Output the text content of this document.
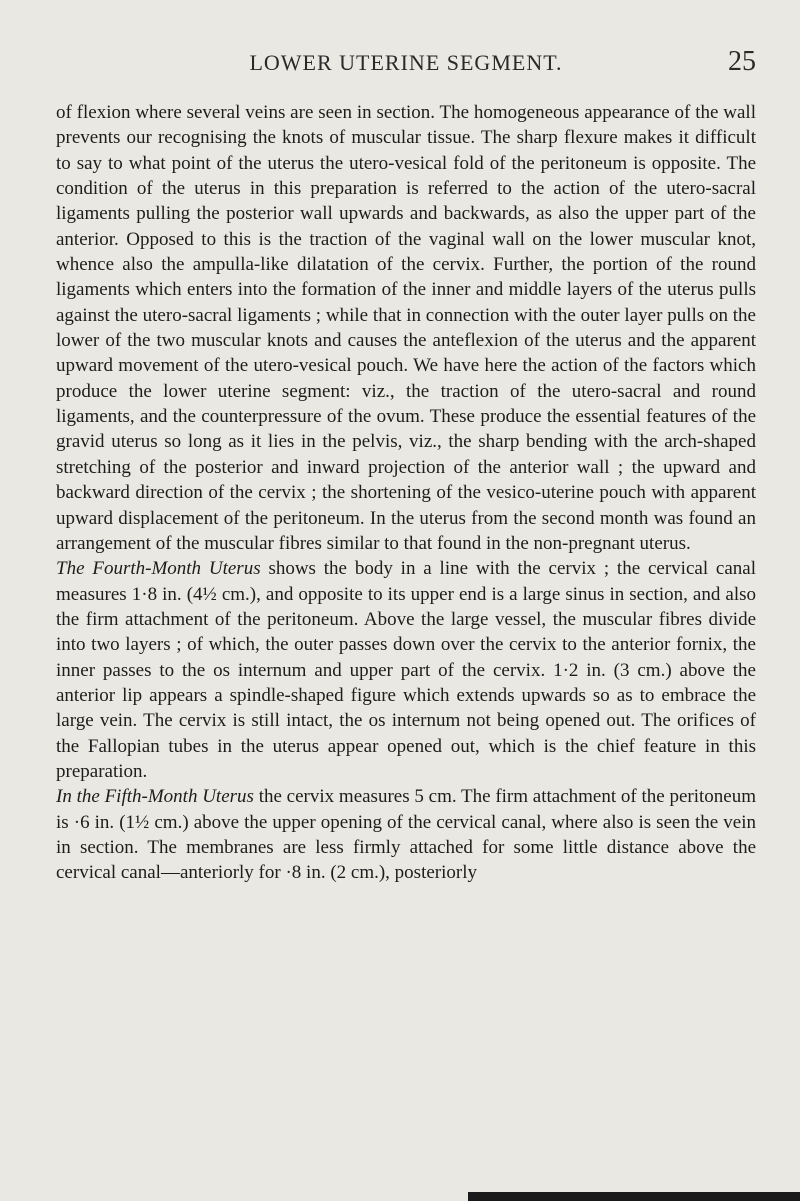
LOWER UTERINE SEGMENT.	25

of flexion where several veins are seen in section. The homogeneous appearance of the wall prevents our recognising the knots of muscular tissue. The sharp flexure makes it difficult to say to what point of the uterus the utero-vesical fold of the peritoneum is opposite. The condition of the uterus in this preparation is referred to the action of the utero-sacral ligaments pulling the posterior wall upwards and backwards, as also the upper part of the anterior. Opposed to this is the traction of the vaginal wall on the lower muscular knot, whence also the ampulla-like dilatation of the cervix. Further, the portion of the round ligaments which enters into the formation of the inner and middle layers of the uterus pulls against the utero-sacral ligaments ; while that in connection with the outer layer pulls on the lower of the two muscular knots and causes the anteflexion of the uterus and the apparent upward movement of the utero-vesical pouch. We have here the action of the factors which produce the lower uterine segment: viz., the traction of the utero-sacral and round ligaments, and the counterpressure of the ovum. These produce the essential features of the gravid uterus so long as it lies in the pelvis, viz., the sharp bending with the arch-shaped stretching of the posterior and inward projection of the anterior wall ; the upward and backward direction of the cervix ; the shortening of the vesico-uterine pouch with apparent upward displacement of the peritoneum. In the uterus from the second month was found an arrangement of the muscular fibres similar to that found in the non-pregnant uterus.

The Fourth-Month Uterus shows the body in a line with the cervix ; the cervical canal measures 1·8 in. (4½ cm.), and opposite to its upper end is a large sinus in section, and also the firm attachment of the peritoneum. Above the large vessel, the muscular fibres divide into two layers ; of which, the outer passes down over the cervix to the anterior fornix, the inner passes to the os internum and upper part of the cervix. 1·2 in. (3 cm.) above the anterior lip appears a spindle-shaped figure which extends upwards so as to embrace the large vein. The cervix is still intact, the os internum not being opened out. The orifices of the Fallopian tubes in the uterus appear opened out, which is the chief feature in this preparation.

In the Fifth-Month Uterus the cervix measures 5 cm. The firm attachment of the peritoneum is ·6 in. (1½ cm.) above the upper opening of the cervical canal, where also is seen the vein in section. The membranes are less firmly attached for some little distance above the cervical canal—anteriorly for ·8 in. (2 cm.), posteriorly
